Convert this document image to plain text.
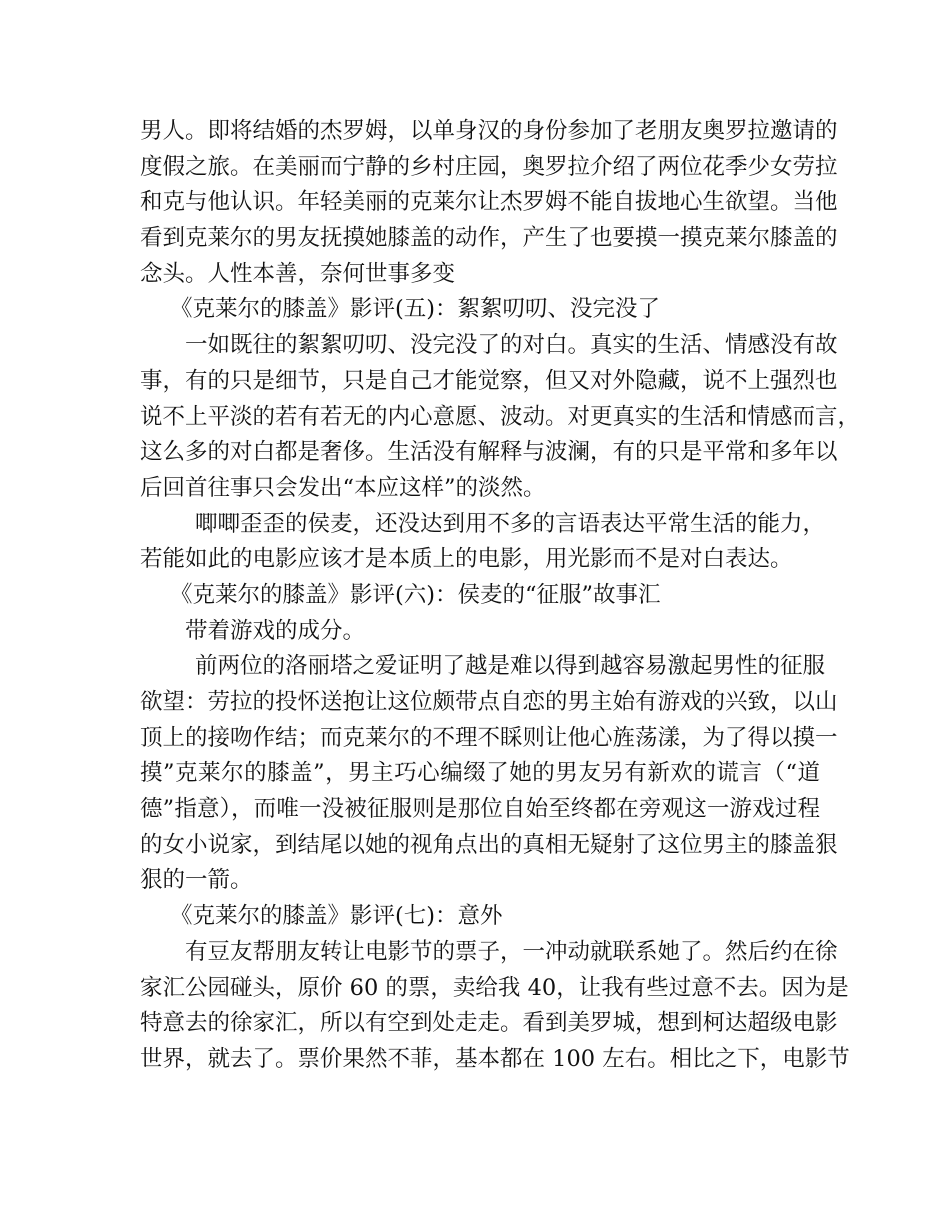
男人。即将结婚的杰罗姆，以单身汉的身份参加了老朋友奥罗拉邀请的
度假之旅。在美丽而宁静的乡村庄园，奥罗拉介绍了两位花季少女劳拉
和克与他认识。年轻美丽的克莱尔让杰罗姆不能自拔地心生欲望。当他
看到克莱尔的男友抚摸她膝盖的动作，产生了也要摸一摸克莱尔膝盖的
念头。人性本善，奈何世事多变
《克莱尔的膝盖》影评(五)：絮絮叨叨、没完没了
一如既往的絮絮叨叨、没完没了的对白。真实的生活、情感没有故
事，有的只是细节，只是自己才能觉察，但又对外隐藏，说不上强烈也
说不上平淡的若有若无的内心意愿、波动。对更真实的生活和情感而言，
这么多的对白都是奢侈。生活没有解释与波澜，有的只是平常和多年以
后回首往事只会发出“本应这样”的淡然。
唧唧歪歪的侯麦，还没达到用不多的言语表达平常生活的能力，
若能如此的电影应该才是本质上的电影，用光影而不是对白表达。
《克莱尔的膝盖》影评(六)：侯麦的“征服”故事汇
带着游戏的成分。
前两位的洛丽塔之爱证明了越是难以得到越容易激起男性的征服
欲望：劳拉的投怀送抱让这位颇带点自恋的男主始有游戏的兴致，以山
顶上的接吻作结；而克莱尔的不理不睬则让他心旌荡漾，为了得以摸一
摸”克莱尔的膝盖”，男主巧心编缀了她的男友另有新欢的谎言（“道
德”指意），而唯一没被征服则是那位自始至终都在旁观这一游戏过程
的女小说家，到结尾以她的视角点出的真相无疑射了这位男主的膝盖狠
狠的一箭。
《克莱尔的膝盖》影评(七)：意外
有豆友帮朋友转让电影节的票子，一冲动就联系她了。然后约在徐
家汇公园碰头，原价 60 的票，卖给我 40，让我有些过意不去。因为是
特意去的徐家汇，所以有空到处走走。看到美罗城，想到柯达超级电影
世界，就去了。票价果然不菲，基本都在 100 左右。相比之下，电影节
